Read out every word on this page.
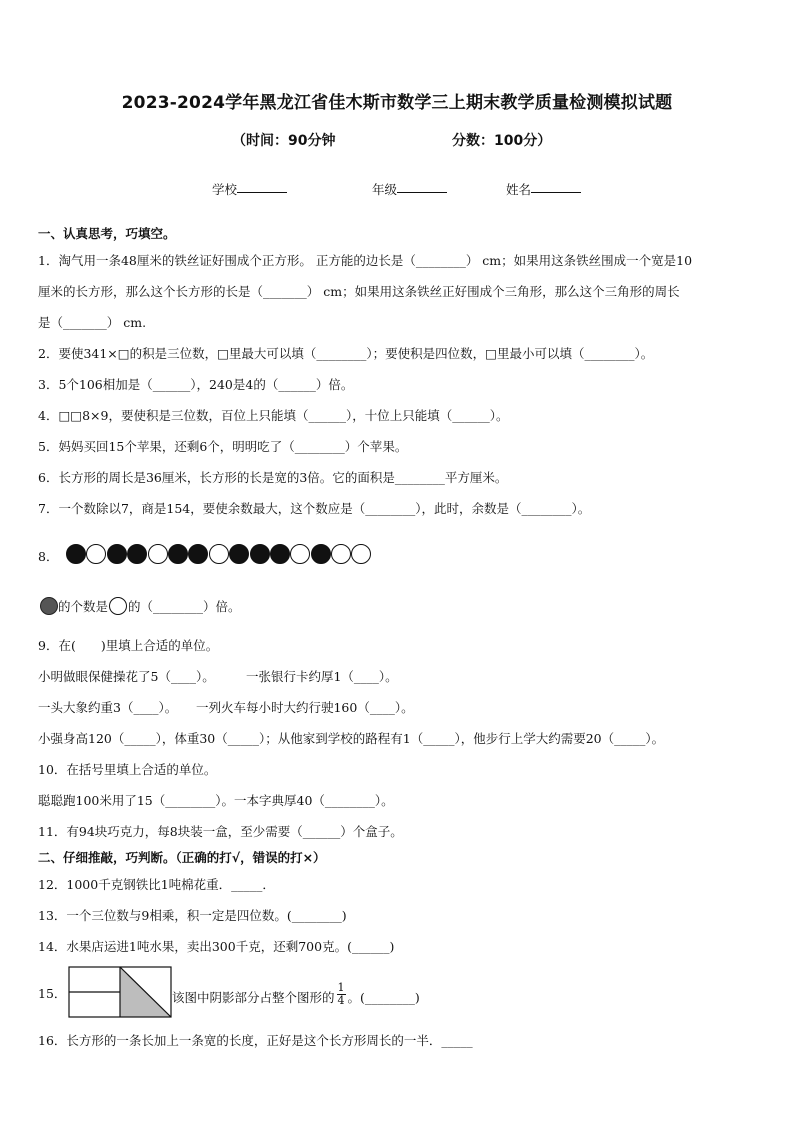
2023-2024学年黑龙江省佳木斯市数学三上期末教学质量检测模拟试题
（时间：90分钟	分数：100分）
学校	年级	姓名
一、认真思考，巧填空。
1．淘气用一条48厘米的铁丝证好围成个正方形。 正方能的边长是（________） cm；如果用这条铁丝围成一个宽是10
厘米的长方形，那么这个长方形的长是（_______） cm；如果用这条铁丝正好围成个三角形，那么这个三角形的周长
是（_______） cm.
2．要使341×□的积是三位数，□里最大可以填（________）；要使积是四位数，□里最小可以填（________）。
3．5个106相加是（______），240是4的（______）倍。
4．□□8×9，要使积是三位数，百位上只能填（______），十位上只能填（______）。
5．妈妈买回15个苹果，还剩6个，明明吃了（________）个苹果。
6．长方形的周长是36厘米，长方形的长是宽的3倍。它的面积是________平方厘米。
7．一个数除以7，商是154，要使余数最大，这个数应是（________），此时，余数是（________）。
8．
的个数是 的（________）倍。
9．在(　　)里填上合适的单位。
小明做眼保健操花了5（____）。　　　一张银行卡约厚1（____）。
一头大象约重3（____）。　　一列火车每小时大约行驶160（____）。
小强身高120（_____），体重30（_____）；从他家到学校的路程有1（_____），他步行上学大约需要20（_____）。
10．在括号里填上合适的单位。
聪聪跑100米用了15（________）。一本字典厚40（________）。
11．有94块巧克力，每8块装一盒，至少需要（______）个盒子。
二、仔细推敲，巧判断。（正确的打√，错误的打×）
12．1000千克钢铁比1吨棉花重．_____．
13．一个三位数与9相乘，积一定是四位数。(________)
14．水果店运进1吨水果，卖出300千克，还剩700克。(______)
15．	该图中阴影部分占整个图形的 $\frac{1}{4}$ 。(________)
16．长方形的一条长加上一条宽的长度，正好是这个长方形周长的一半．_____
